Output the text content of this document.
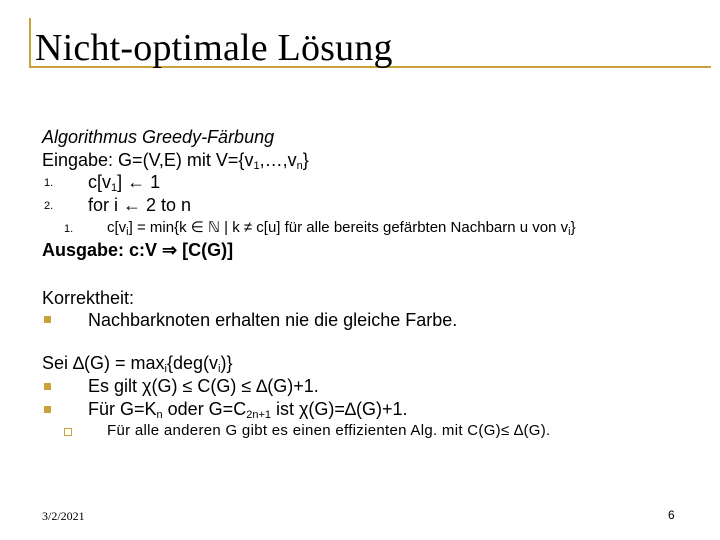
Nicht-optimale Lösung
Algorithmus Greedy-Färbung
Eingabe: G=(V,E) mit $V=\{v_1,\dots,v_n\}$
1. $c[v_1]$ ← 1
2. for i ← 2 to n
1. $c[v_i] = \min\{k$ ∈ ℕ | k ≠ c[u] für alle bereits gefärbten Nachbarn u von $v_i$}
Ausgabe: c:V ⇒ [C(G)]
Korrektheit:
Nachbarknoten erhalten nie die gleiche Farbe.
Sei $\Delta(G) = \max_i\{deg(v_i)\}$
Es gilt χ(G) ≤ C(G) ≤ ∆(G)+1.
Für $G=K_n$ oder $G=C_{2n+1}$ ist χ(G)=∆(G)+1.
Für alle anderen G gibt es einen effizienten Alg. mit C(G)≤ ∆(G).
3/2/2021	6
